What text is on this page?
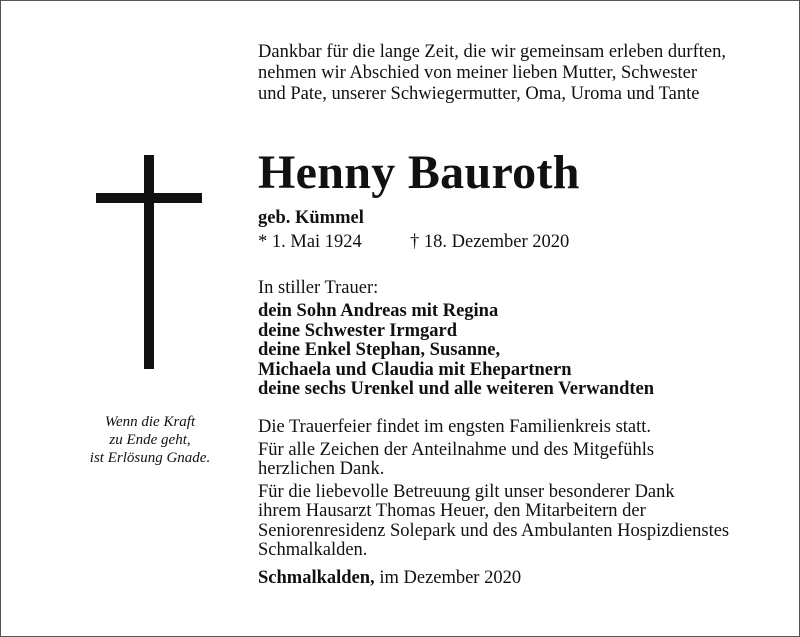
Wenn die Kraft
zu Ende geht,
ist Erlösung Gnade.
Dankbar für die lange Zeit, die wir gemeinsam erleben durften,
nehmen wir Abschied von meiner lieben Mutter, Schwester
und Pate, unserer Schwiegermutter, Oma, Uroma und Tante
Henny Bauroth
geb. Kümmel
* 1. Mai 1924	† 18. Dezember 2020
In stiller Trauer:
dein Sohn Andreas mit Regina
deine Schwester Irmgard
deine Enkel Stephan, Susanne,
Michaela und Claudia mit Ehepartnern
deine sechs Urenkel und alle weiteren Verwandten

Die Trauerfeier findet im engsten Familienkreis statt.

Für alle Zeichen der Anteilnahme und des Mitgefühls
herzlichen Dank.

Für die liebevolle Betreuung gilt unser besonderer Dank
ihrem Hausarzt Thomas Heuer, den Mitarbeitern der
Seniorenresidenz Solepark und des Ambulanten Hospizdienstes
Schmalkalden.

Schmalkalden, im Dezember 2020
